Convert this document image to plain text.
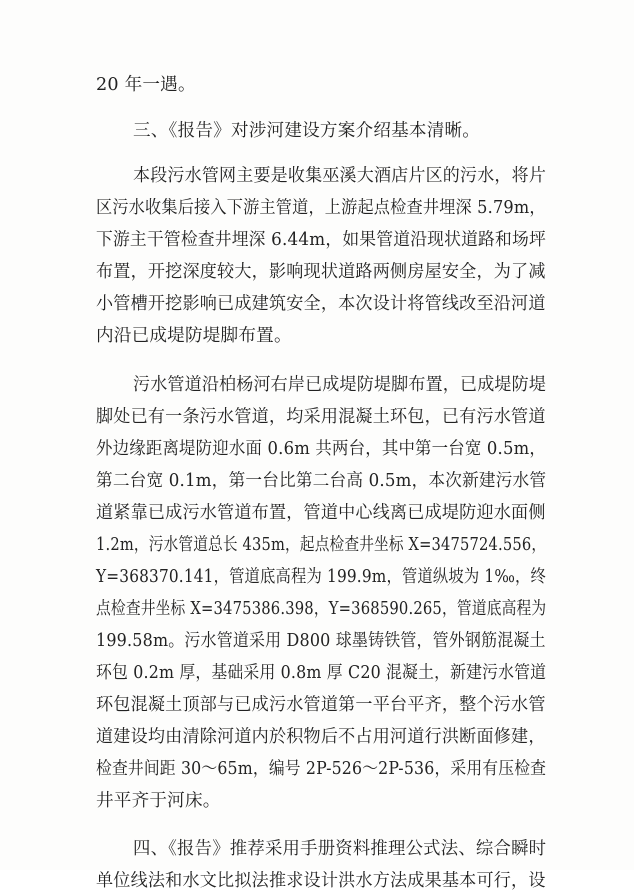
20 年一遇。

三、《报告》对涉河建设方案介绍基本清晰。

本段污水管网主要是收集巫溪大酒店片区的污水，将片

区污水收集后接入下游主管道，上游起点检查井埋深 5.79m，

下游主干管检查井埋深 6.44m，如果管道沿现状道路和场坪

布置，开挖深度较大，影响现状道路两侧房屋安全，为了减

小管槽开挖影响已成建筑安全，本次设计将管线改至沿河道

内沿已成堤防堤脚布置。

污水管道沿柏杨河右岸已成堤防堤脚布置，已成堤防堤

脚处已有一条污水管道，均采用混凝土环包，已有污水管道

外边缘距离堤防迎水面 0.6m 共两台，其中第一台宽 0.5m，

第二台宽 0.1m，第一台比第二台高 0.5m，本次新建污水管

道紧靠已成污水管道布置，管道中心线离已成堤防迎水面侧

1.2m，污水管道总长 435m，起点检查井坐标 X=3475724.556，

Y=368370.141，管道底高程为 199.9m，管道纵坡为 1‰，终

点检查井坐标 X=3475386.398，Y=368590.265，管道底高程为

199.58m。污水管道采用 D800 球墨铸铁管，管外钢筋混凝土

环包 0.2m 厚，基础采用 0.8m 厚 C20 混凝土，新建污水管道

环包混凝土顶部与已成污水管道第一平台平齐，整个污水管

道建设均由清除河道内於积物后不占用河道行洪断面修建，

检查井间距 30～65m，编号 2P-526～2P-536，采用有压检查

井平齐于河床。

四、《报告》推荐采用手册资料推理公式法、综合瞬时

单位线法和水文比拟法推求设计洪水方法成果基本可行，设
